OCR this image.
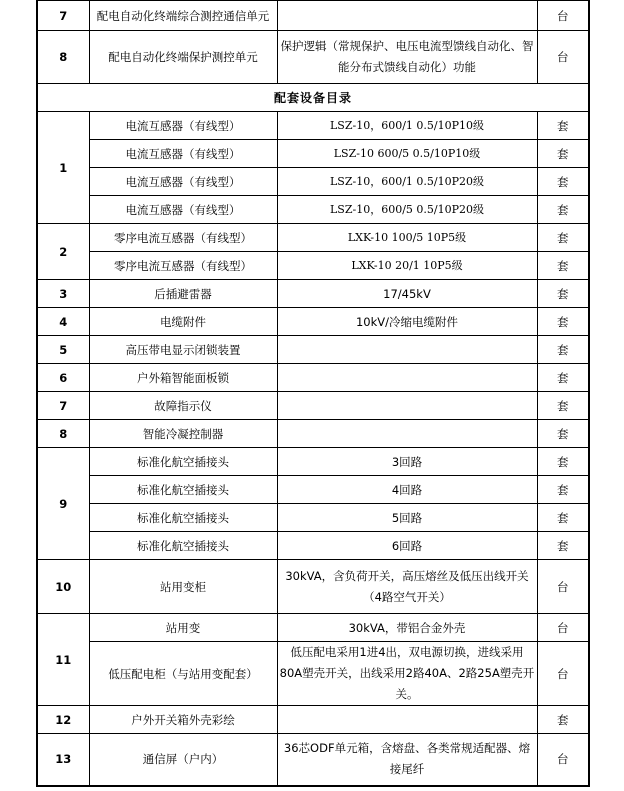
7	配电自动化终端综合测控通信单元		台
8	配电自动化终端保护测控单元	保护逻辑（常规保护、电压电流型馈线自动化、智能分布式馈线自动化）功能	台
配套设备目录			
1	电流互感器（有线型）	LSZ-10，600/1 0.5/10P10级	套
	电流互感器（有线型）	LSZ-10 600/5 0.5/10P10级	套
	电流互感器（有线型）	LSZ-10，600/1 0.5/10P20级	套
	电流互感器（有线型）	LSZ-10，600/5 0.5/10P20级	套
2	零序电流互感器（有线型）	LXK-10 100/5 10P5级	套
	零序电流互感器（有线型）	LXK-10 20/1 10P5级	套
3	后插避雷器	17/45kV	套
4	电缆附件	10kV/冷缩电缆附件	套
5	高压带电显示闭锁装置		套
6	户外箱智能面板锁		套
7	故障指示仪		套
8	智能冷凝控制器		套
9	标准化航空插接头	3回路	套
	标准化航空插接头	4回路	套
	标准化航空插接头	5回路	套
	标准化航空插接头	6回路	套
10	站用变柜	30kVA，含负荷开关，高压熔丝及低压出线开关（4路空气开关）	台
11	站用变	30kVA，带铝合金外壳	台
	低压配电柜（与站用变配套）	低压配电采用1进4出，双电源切换，进线采用80A塑壳开关，出线采用2路40A、2路25A塑壳开关。	台
12	户外开关箱外壳彩绘		套
13	通信屏（户内）	36芯ODF单元箱，含熔盘、各类常规适配器、熔接尾纤	台
